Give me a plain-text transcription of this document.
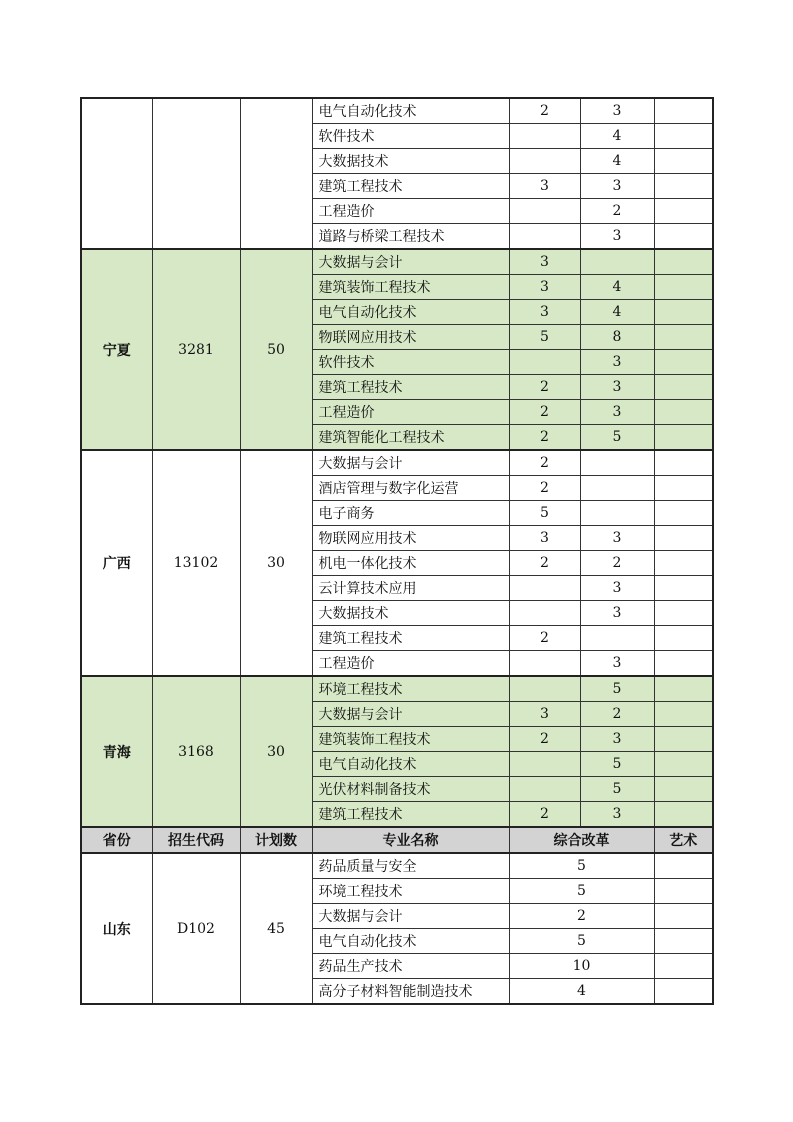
			电气自动化技术	2	3	
			软件技术		4	
			大数据技术		4	
			建筑工程技术	3	3	
			工程造价		2	
			道路与桥梁工程技术		3	
宁夏	3281	50	大数据与会计	3		
			建筑装饰工程技术	3	4	
			电气自动化技术	3	4	
			物联网应用技术	5	8	
			软件技术		3	
			建筑工程技术	2	3	
			工程造价	2	3	
			建筑智能化工程技术	2	5	
广西	13102	30	大数据与会计	2		
			酒店管理与数字化运营	2		
			电子商务	5		
			物联网应用技术	3	3	
			机电一体化技术	2	2	
			云计算技术应用		3	
			大数据技术		3	
			建筑工程技术	2		
			工程造价		3	
青海	3168	30	环境工程技术		5	
			大数据与会计	3	2	
			建筑装饰工程技术	2	3	
			电气自动化技术		5	
			光伏材料制备技术		5	
			建筑工程技术	2	3	
省份	招生代码	计划数	专业名称	综合改革		艺术
山东	D102	45	药品质量与安全	5		
			环境工程技术	5		
			大数据与会计	2		
			电气自动化技术	5		
			药品生产技术	10		
			高分子材料智能制造技术	4		
